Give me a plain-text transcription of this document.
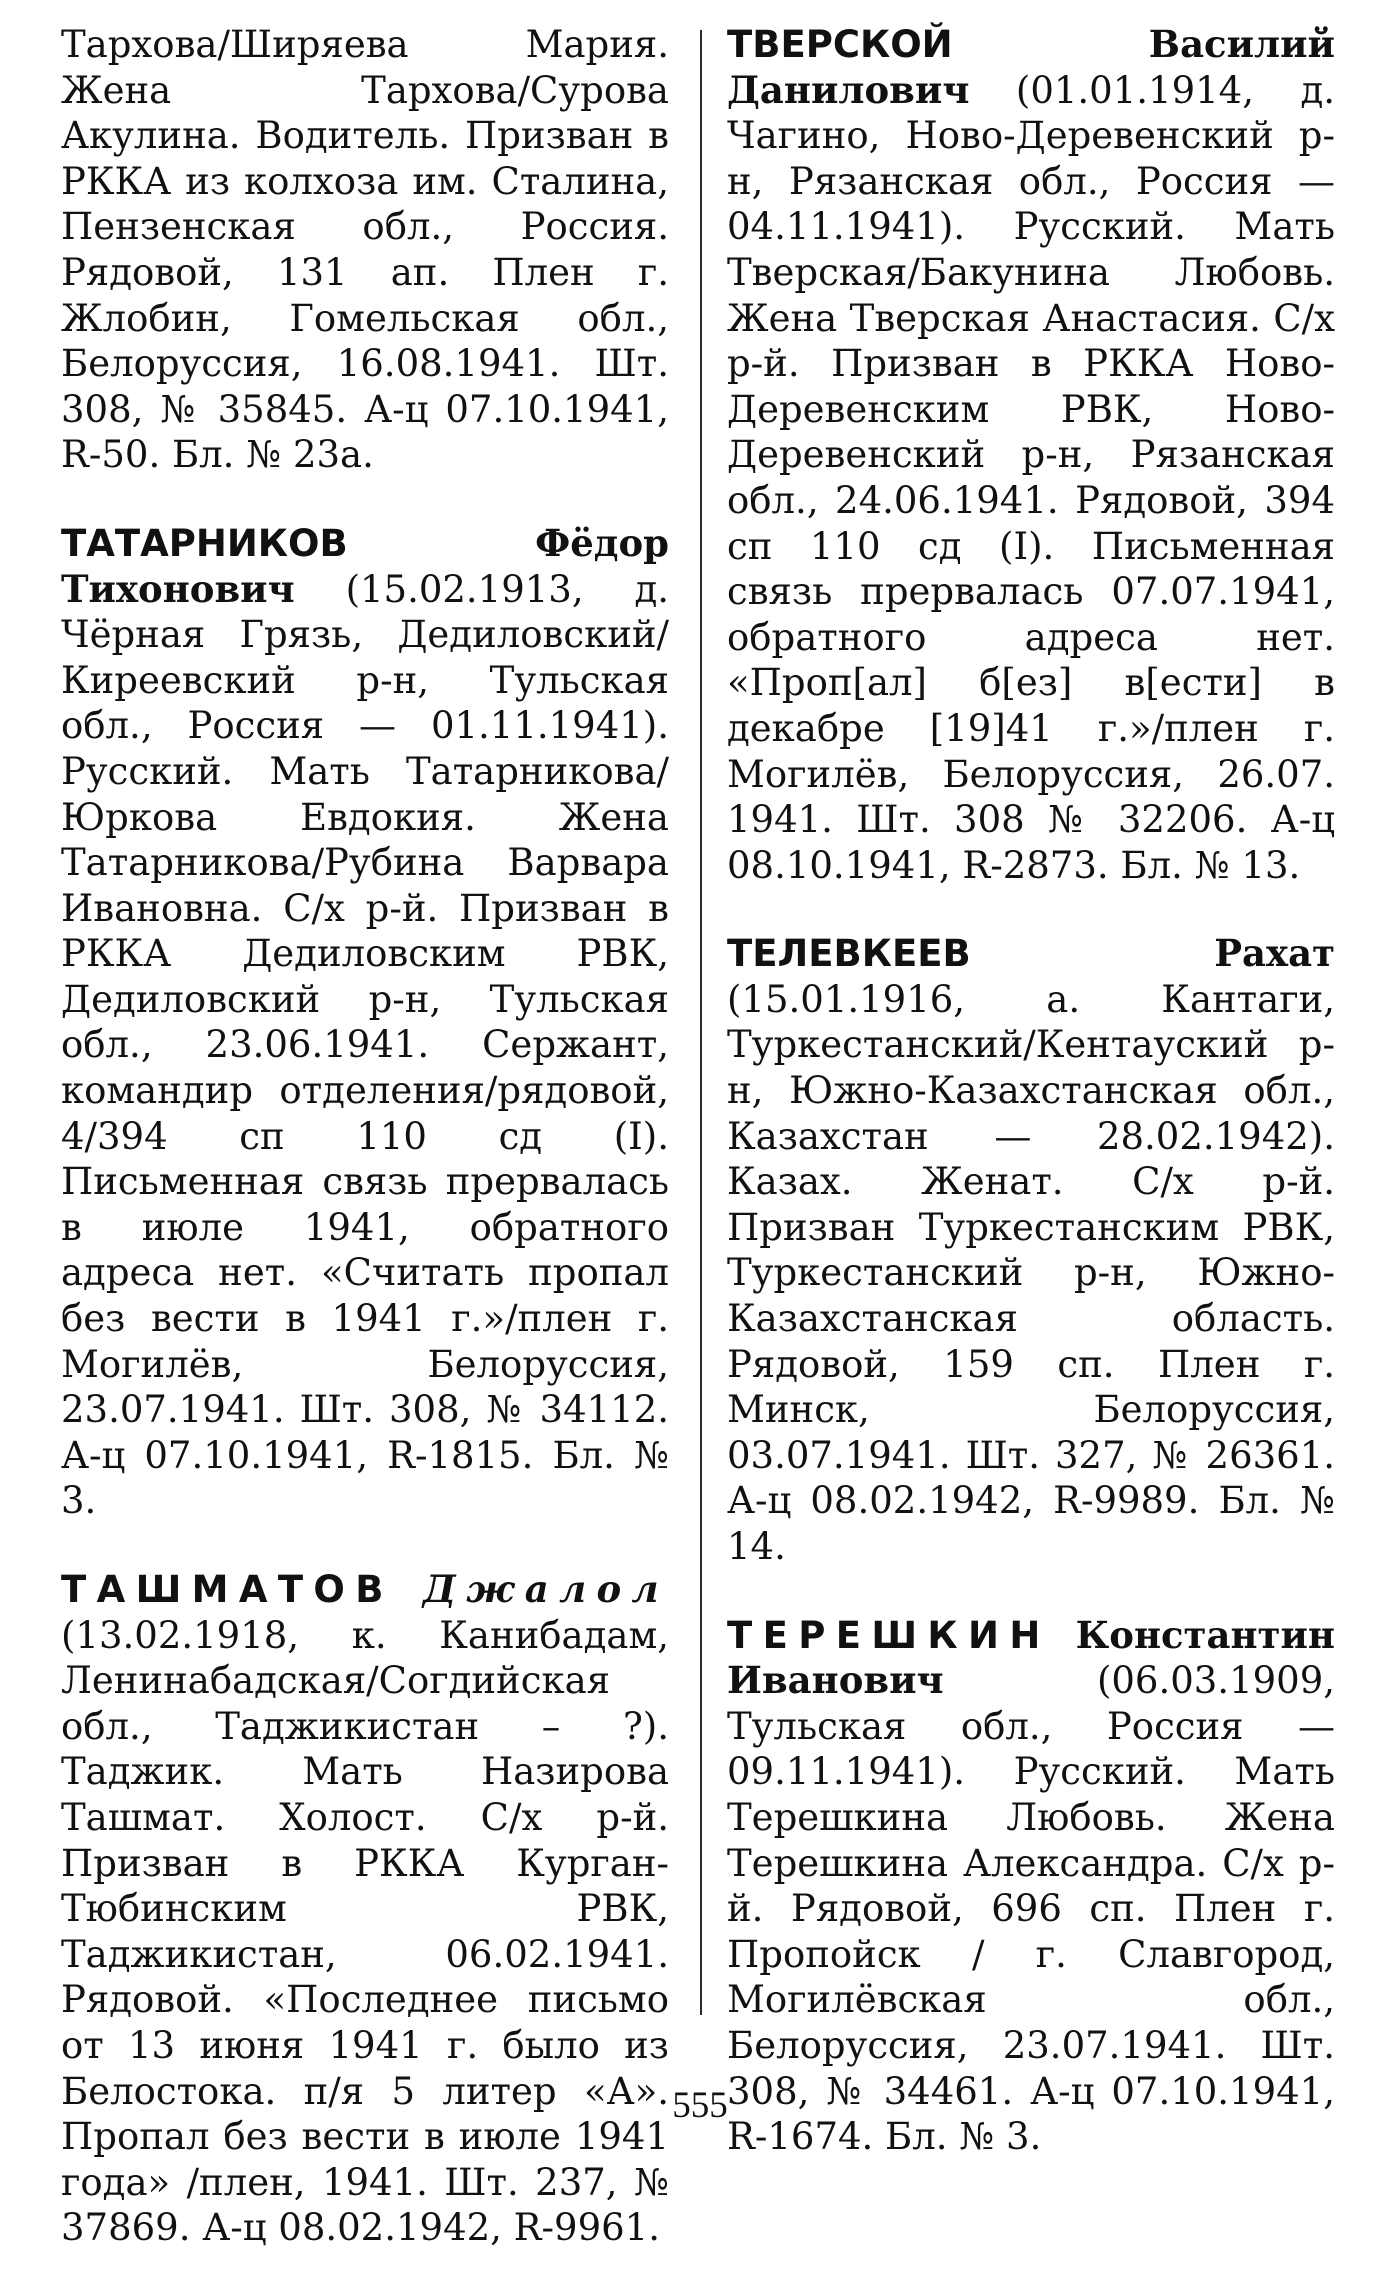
Тархова/Ширяева Мария. Жена Тархова/Сурова Акулина. Водитель. Призван в РККА из колхоза им. Сталина, Пензенская обл., Россия. Рядовой, 131 ап. Плен г. Жлобин, Гомельская обл., Белоруссия, 16.08.1941. Шт. 308, № 35845. А-ц 07.10.1941, R-50. Бл. № 23а.

ТАТАРНИКОВ	Фёдор Тихонович (15.02.1913, д. Чёрная Грязь, Дедиловский/Киреевский р-н, Тульская обл., Россия — 01.11.1941). Русский. Мать Татарникова/Юркова Евдокия. Жена Татарникова/Рубина Варвара Ивановна. С/х р-й. Призван в РККА Дедиловским РВК, Дедиловский р-н, Тульская обл., 23.06.1941. Сержант, командир отделения/рядовой, 4/394 сп 110 сд (I). Письменная связь прервалась в июле 1941, обратного адреса нет. «Считать пропал без вести в 1941 г.»/плен г. Могилёв, Белоруссия, 23.07.1941. Шт. 308, № 34112. А-ц 07.10.1941, R-1815. Бл. № 3.

ТАШМАТОВ Джалол (13.02.1918, к. Канибадам, Ленинабадская/Согдийская обл., Таджикистан – ?). Таджик. Мать Назирова Ташмат. Холост. С/х р-й. Призван в РККА Курган-Тюбинским РВК, Таджикистан, 06.02.1941. Рядовой. «Последнее письмо от 13 июня 1941 г. было из Белостока. п/я 5 литер «А». Пропал без вести в июле 1941 года» /плен, 1941. Шт. 237, № 37869. А-ц 08.02.1942, R-9961.

ТВЕРСКОЙ	Василий Данилович (01.01.1914, д. Чагино, Ново-Деревенский р-н, Рязанская обл., Россия — 04.11.1941). Русский. Мать Тверская/Бакунина Любовь. Жена Тверская Анастасия. С/х р-й. Призван в РККА Ново-Деревенским РВК, Ново-Деревенский р-н, Рязанская обл., 24.06.1941. Рядовой, 394 сп 110 сд (I). Письменная связь прервалась 07.07.1941, обратного адреса нет. «Проп[ал] б[ез] в[ести] в декабре [19]41 г.»/плен г. Могилёв, Белоруссия, 26.07. 1941. Шт. 308 № 32206. А-ц 08.10.1941, R-2873. Бл. № 13.

ТЕЛЕВКЕЕВ	Рахат (15.01.1916, а. Кантаги, Туркестанский/Кентауский р-н, Южно-Казахстанская обл., Казахстан — 28.02.1942). Казах. Женат. С/х р-й. Призван Туркестанским РВК, Туркестанский р-н, Южно-Казахстанская область. Рядовой, 159 сп. Плен г. Минск, Белоруссия, 03.07.1941. Шт. 327, № 26361. А-ц 08.02.1942, R-9989. Бл. № 14.

ТЕРЕШКИН Константин Иванович	(06.03.1909, Тульская обл., Россия — 09.11.1941). Русский. Мать Терешкина Любовь. Жена Терешкина Александра. С/х р-й. Рядовой, 696 сп. Плен г. Пропойск / г. Славгород, Могилёвская обл., Белоруссия, 23.07.1941. Шт. 308, № 34461. А-ц 07.10.1941, R-1674. Бл. № 3.

555
